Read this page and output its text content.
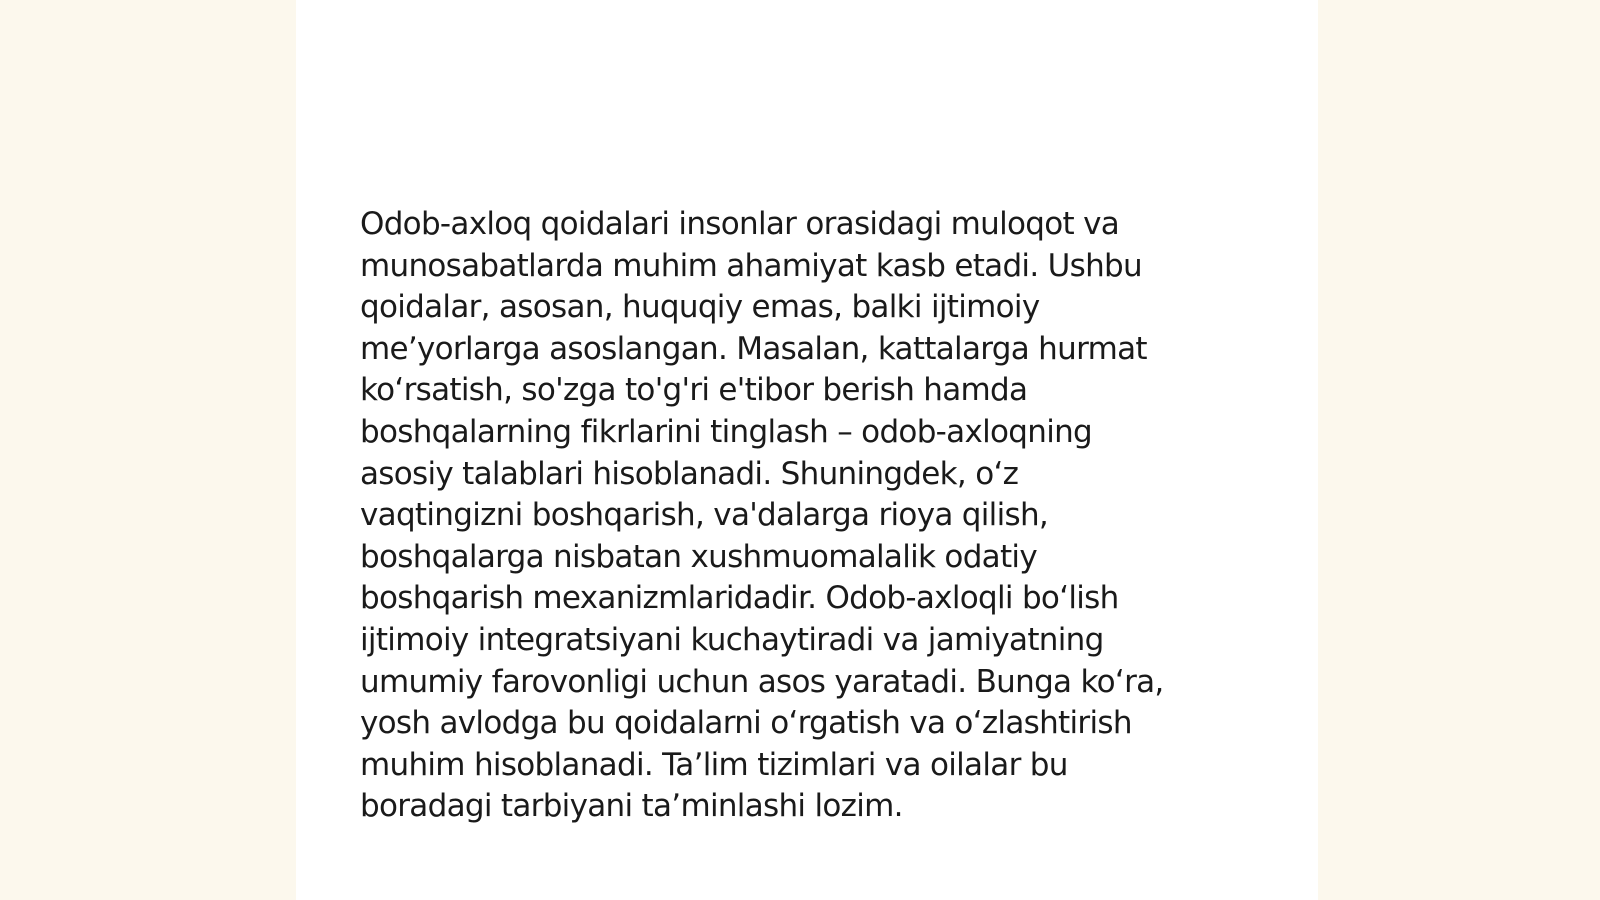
Odob-axloq qoidalari insonlar orasidagi muloqot va
munosabatlarda muhim ahamiyat kasb etadi. Ushbu
qoidalar, asosan, huquqiy emas, balki ijtimoiy
me’yorlarga asoslangan. Masalan, kattalarga hurmat
koʻrsatish, so'zga to'g'ri e'tibor berish hamda
boshqalarning fikrlarini tinglash – odob-axloqning
asosiy talablari hisoblanadi. Shuningdek, oʻz
vaqtingizni boshqarish, va'dalarga rioya qilish,
boshqalarga nisbatan xushmuomalalik odatiy
boshqarish mexanizmlaridadir. Odob-axloqli boʻlish
ijtimoiy integratsiyani kuchaytiradi va jamiyatning
umumiy farovonligi uchun asos yaratadi. Bunga koʻra,
yosh avlodga bu qoidalarni oʻrgatish va oʻzlashtirish
muhim hisoblanadi. Ta’lim tizimlari va oilalar bu
boradagi tarbiyani ta’minlashi lozim.
